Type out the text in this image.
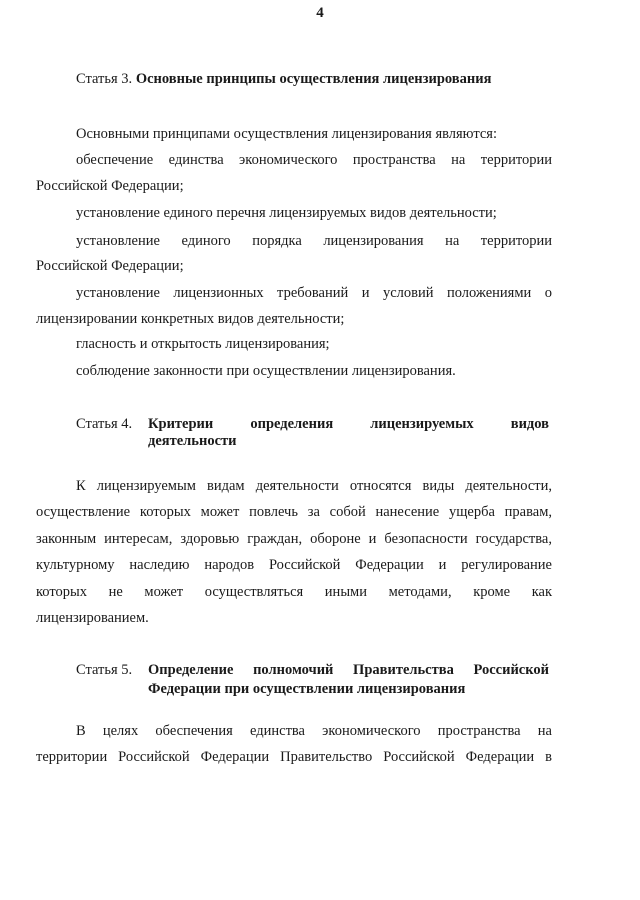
4
Статья 3. Основные принципы осуществления лицензирования
Основными принципами осуществления лицензирования являются:
обеспечение единства экономического пространства на территории
Российской Федерации;
установление единого перечня лицензируемых видов деятельности;
установление единого порядка лицензирования на территории
Российской Федерации;
установление лицензионных требований и условий положениями о
лицензировании конкретных видов деятельности;
гласность и открытость лицензирования;
соблюдение законности при осуществлении лицензирования.
Статья 4. Критерии определения лицензируемых видов
деятельности
К лицензируемым видам деятельности относятся виды деятельности,
осуществление которых может повлечь за собой нанесение ущерба правам,
законным интересам, здоровью граждан, обороне и безопасности государства,
культурному наследию народов Российской Федерации и регулирование
которых не может осуществляться иными методами, кроме как
лицензированием.
Статья 5. Определение полномочий Правительства Российской
Федерации при осуществлении лицензирования
В целях обеспечения единства экономического пространства на
территории Российской Федерации Правительство Российской Федерации в
